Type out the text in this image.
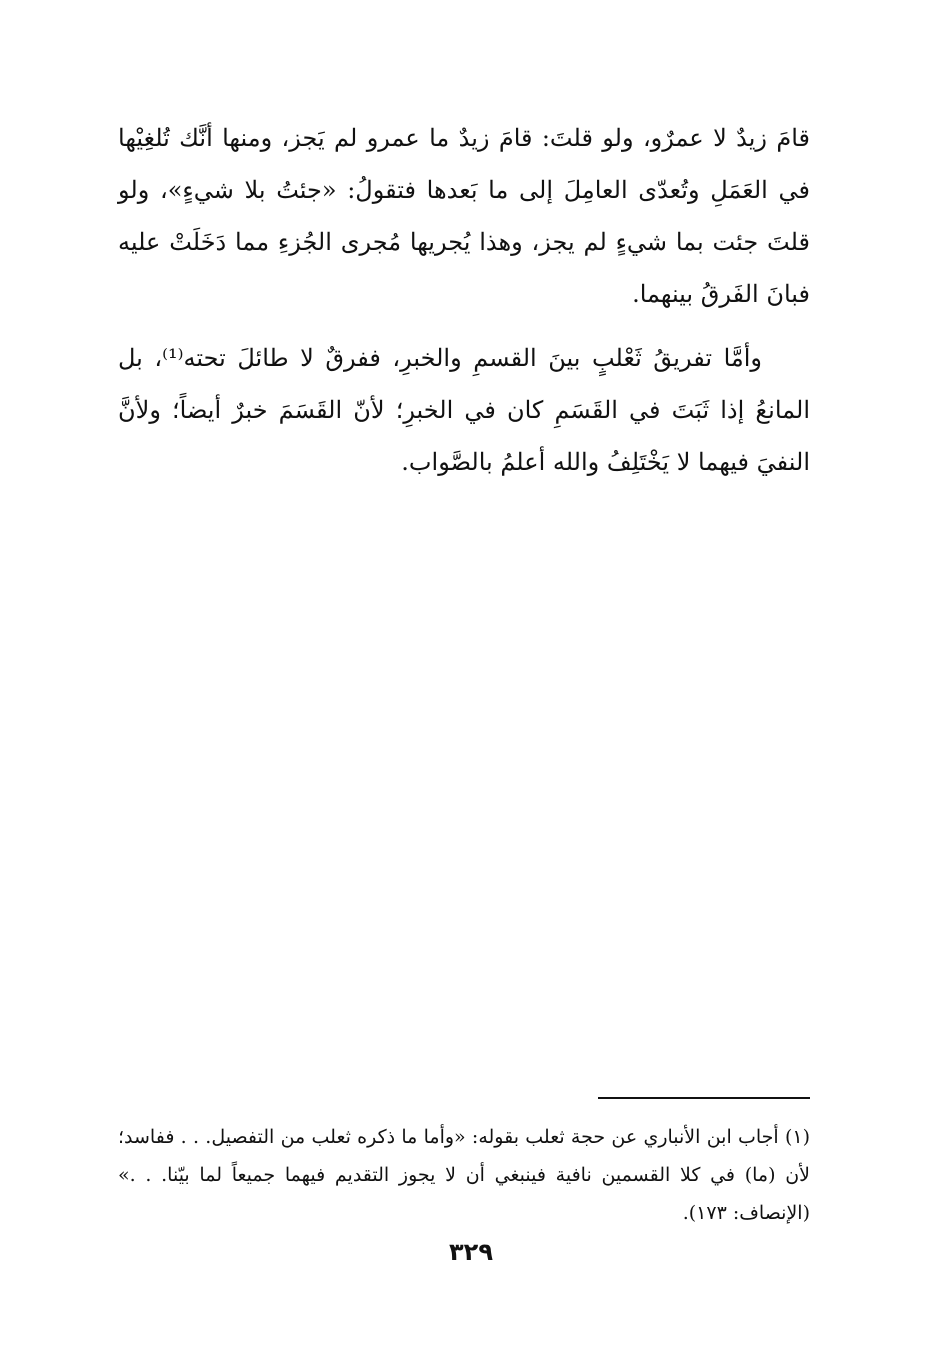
قامَ زيدٌ لا عمرٌو، ولو قلتَ: قامَ زيدٌ ما عمرو لم يَجز، ومنها أنَّك تُلغِيْها في العَمَلِ وتُعدّى العامِلَ إلى ما بَعدها فتقولُ: «جئتُ بلا شيءٍ»، ولو قلتَ جئت بما شيءٍ لم يجز، وهذا يُجريها مُجرى الجُزءِ مما دَخَلَتْ عليه فبانَ الفَرقُ بينهما.

وأمَّا تفريقُ ثَعْلبٍ بينَ القسمِ والخبرِ، ففرقٌ لا طائلَ تحته⁽¹⁾، بل المانعُ إذا ثَبَتَ في القَسَمِ كان في الخبرِ؛ لأنّ القَسَمَ خبرٌ أيضاً؛ ولأنَّ النفيَ فيهما لا يَخْتَلِفُ والله أعلمُ بالصَّواب.

(١) أجاب ابن الأنباري عن حجة ثعلب بقوله: «وأما ما ذكره ثعلب من التفصيل. . . ففاسد؛ لأن (ما) في كلا القسمين نافية فينبغي أن لا يجوز التقديم فيهما جميعاً لما بيّنا. . .» (الإنصاف: ١٧٣).

٣٢٩
